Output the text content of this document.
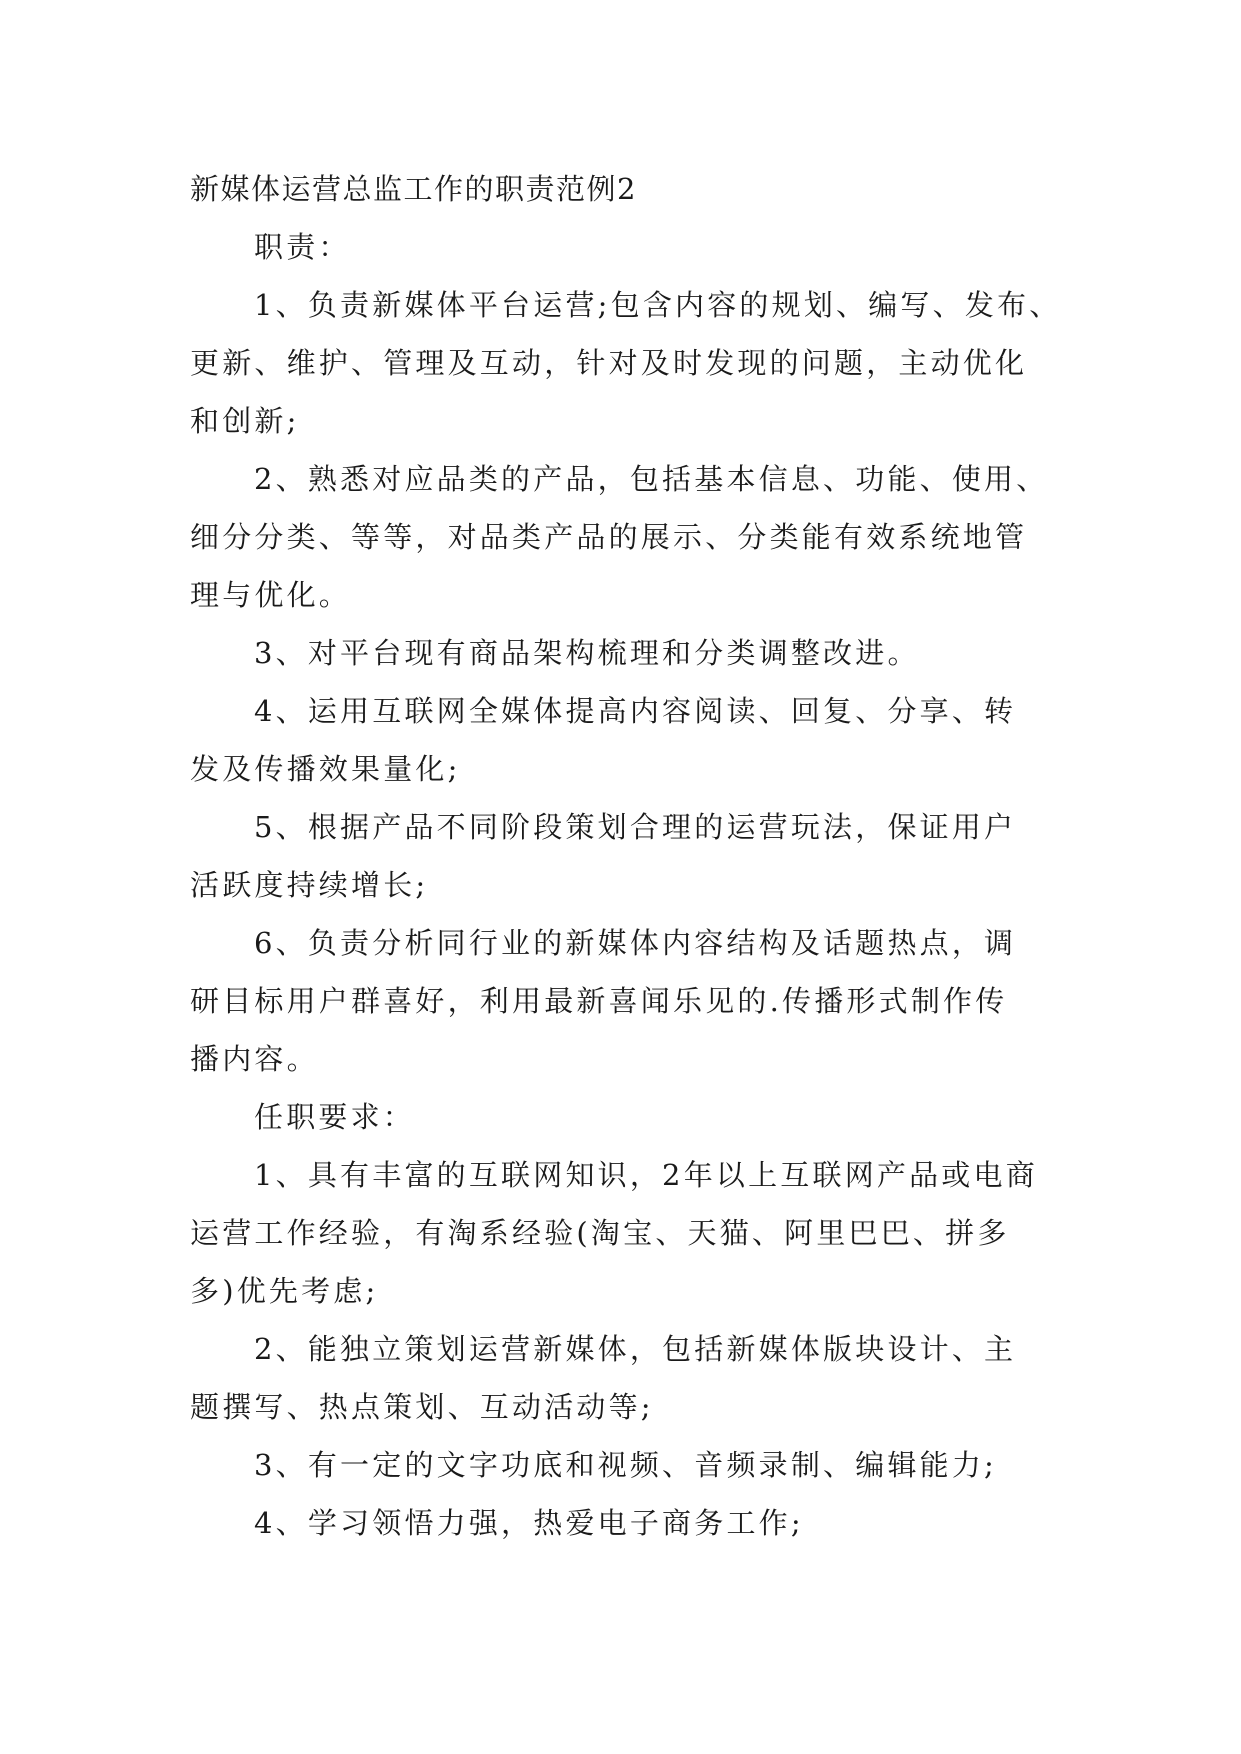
新媒体运营总监工作的职责范例2
职责：
1、负责新媒体平台运营;包含内容的规划、编写、发布、
更新、维护、管理及互动，针对及时发现的问题，主动优化
和创新;
2、熟悉对应品类的产品，包括基本信息、功能、使用、
细分分类、等等，对品类产品的展示、分类能有效系统地管
理与优化。
3、对平台现有商品架构梳理和分类调整改进。
4、运用互联网全媒体提高内容阅读、回复、分享、转
发及传播效果量化;
5、根据产品不同阶段策划合理的运营玩法，保证用户
活跃度持续增长;
6、负责分析同行业的新媒体内容结构及话题热点，调
研目标用户群喜好，利用最新喜闻乐见的.传播形式制作传
播内容。
任职要求：
1、具有丰富的互联网知识，2年以上互联网产品或电商
运营工作经验，有淘系经验(淘宝、天猫、阿里巴巴、拼多
多)优先考虑;
2、能独立策划运营新媒体，包括新媒体版块设计、主
题撰写、热点策划、互动活动等;
3、有一定的文字功底和视频、音频录制、编辑能力;
4、学习领悟力强，热爱电子商务工作;
